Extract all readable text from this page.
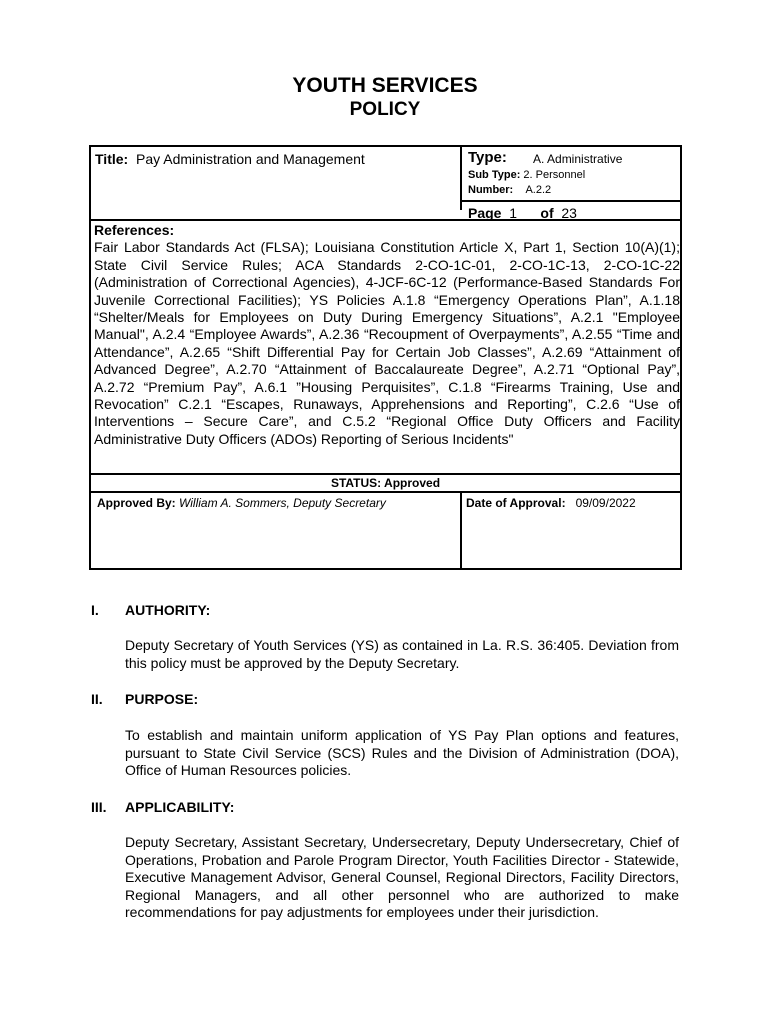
YOUTH SERVICES
POLICY
Title: Pay Administration and Management	Type: A. Administrative
Sub Type: 2. Personnel
Number: A.2.2
Page 1 of 23
References:
Fair Labor Standards Act (FLSA); Louisiana Constitution Article X, Part 1, Section 10(A)(1); State Civil Service Rules; ACA Standards 2-CO-1C-01, 2-CO-1C-13, 2-CO-1C-22 (Administration of Correctional Agencies), 4-JCF-6C-12 (Performance-Based Standards For Juvenile Correctional Facilities); YS Policies A.1.8 “Emergency Operations Plan”, A.1.18 “Shelter/Meals for Employees on Duty During Emergency Situations”, A.2.1 "Employee Manual", A.2.4 “Employee Awards”, A.2.36 “Recoupment of Overpayments”, A.2.55 “Time and Attendance”, A.2.65 “Shift Differential Pay for Certain Job Classes”, A.2.69 “Attainment of Advanced Degree”, A.2.70 “Attainment of Baccalaureate Degree”, A.2.71 “Optional Pay”, A.2.72 “Premium Pay”, A.6.1 ”Housing Perquisites”, C.1.8 “Firearms Training, Use and Revocation” C.2.1 “Escapes, Runaways, Apprehensions and Reporting”, C.2.6 “Use of Interventions – Secure Care”, and C.5.2 “Regional Office Duty Officers and Facility Administrative Duty Officers (ADOs) Reporting of Serious Incidents"
STATUS: Approved
Approved By: William A. Sommers, Deputy Secretary	Date of Approval: 09/09/2022
I. AUTHORITY:
Deputy Secretary of Youth Services (YS) as contained in La. R.S. 36:405. Deviation from this policy must be approved by the Deputy Secretary.
II. PURPOSE:
To establish and maintain uniform application of YS Pay Plan options and features, pursuant to State Civil Service (SCS) Rules and the Division of Administration (DOA), Office of Human Resources policies.
III. APPLICABILITY:
Deputy Secretary, Assistant Secretary, Undersecretary, Deputy Undersecretary, Chief of Operations, Probation and Parole Program Director, Youth Facilities Director - Statewide, Executive Management Advisor, General Counsel, Regional Directors, Facility Directors, Regional Managers, and all other personnel who are authorized to make recommendations for pay adjustments for employees under their jurisdiction.
